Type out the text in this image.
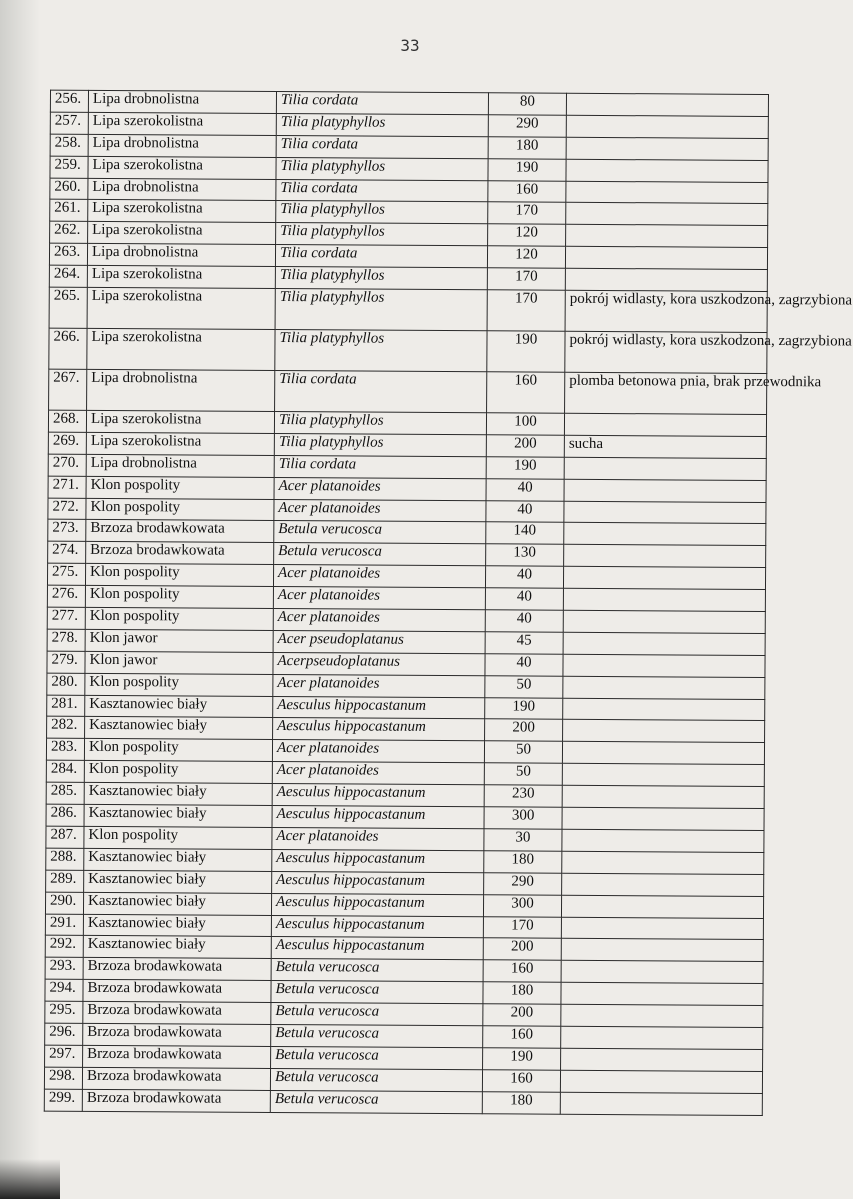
33
256.	Lipa drobnolistna	Tilia cordata	80	
257.	Lipa szerokolistna	Tilia platyphyllos	290	
258.	Lipa drobnolistna	Tilia cordata	180	
259.	Lipa szerokolistna	Tilia platyphyllos	190	
260.	Lipa drobnolistna	Tilia cordata	160	
261.	Lipa szerokolistna	Tilia platyphyllos	170	
262.	Lipa szerokolistna	Tilia platyphyllos	120	
263.	Lipa drobnolistna	Tilia cordata	120	
264.	Lipa szerokolistna	Tilia platyphyllos	170	
265.	Lipa szerokolistna	Tilia platyphyllos	170	pokrój widlasty, kora uszkodzona, zagrzybiona
266.	Lipa szerokolistna	Tilia platyphyllos	190	pokrój widlasty, kora uszkodzona, zagrzybiona
267.	Lipa drobnolistna	Tilia cordata	160	plomba betonowa pnia, brak przewodnika
268.	Lipa szerokolistna	Tilia platyphyllos	100	
269.	Lipa szerokolistna	Tilia platyphyllos	200	sucha
270.	Lipa drobnolistna	Tilia cordata	190	
271.	Klon pospolity	Acer platanoides	40	
272.	Klon pospolity	Acer platanoides	40	
273.	Brzoza brodawkowata	Betula verucosca	140	
274.	Brzoza brodawkowata	Betula verucosca	130	
275.	Klon pospolity	Acer platanoides	40	
276.	Klon pospolity	Acer platanoides	40	
277.	Klon pospolity	Acer platanoides	40	
278.	Klon jawor	Acer pseudoplatanus	45	
279.	Klon jawor	Acerpseudoplatanus	40	
280.	Klon pospolity	Acer platanoides	50	
281.	Kasztanowiec biały	Aesculus hippocastanum	190	
282.	Kasztanowiec biały	Aesculus hippocastanum	200	
283.	Klon pospolity	Acer platanoides	50	
284.	Klon pospolity	Acer platanoides	50	
285.	Kasztanowiec biały	Aesculus hippocastanum	230	
286.	Kasztanowiec biały	Aesculus hippocastanum	300	
287.	Klon pospolity	Acer platanoides	30	
288.	Kasztanowiec biały	Aesculus hippocastanum	180	
289.	Kasztanowiec biały	Aesculus hippocastanum	290	
290.	Kasztanowiec biały	Aesculus hippocastanum	300	
291.	Kasztanowiec biały	Aesculus hippocastanum	170	
292.	Kasztanowiec biały	Aesculus hippocastanum	200	
293.	Brzoza brodawkowata	Betula verucosca	160	
294.	Brzoza brodawkowata	Betula verucosca	180	
295.	Brzoza brodawkowata	Betula verucosca	200	
296.	Brzoza brodawkowata	Betula verucosca	160	
297.	Brzoza brodawkowata	Betula verucosca	190	
298.	Brzoza brodawkowata	Betula verucosca	160	
299.	Brzoza brodawkowata	Betula verucosca	180	
